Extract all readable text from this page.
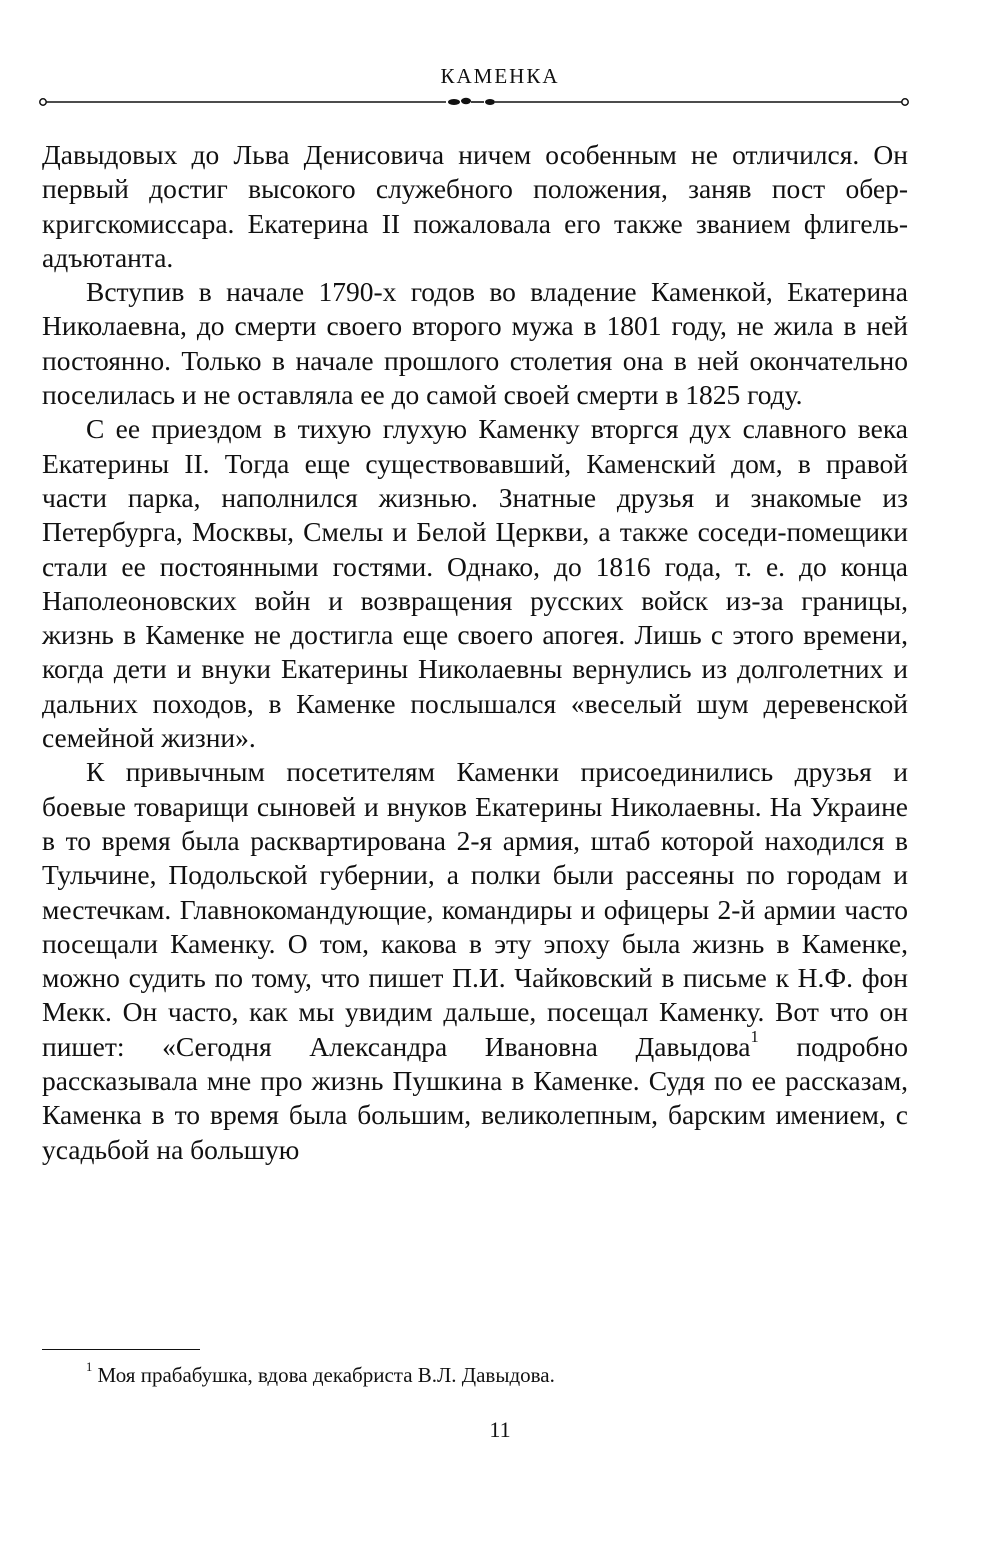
КАМЕНКА

Давыдовых до Льва Денисовича ничем особенным не отличился. Он первый достиг высокого служебного положения, заняв пост обер-кригскомиссара. Екатерина II пожаловала его также званием флигель-адъютанта.

Вступив в начале 1790-х годов во владение Каменкой, Екатерина Николаевна, до смерти своего второго мужа в 1801 году, не жила в ней постоянно. Только в начале прошлого столетия она в ней окончательно поселилась и не оставляла ее до самой своей смерти в 1825 году.

С ее приездом в тихую глухую Каменку вторгся дух славного века Екатерины II. Тогда еще существовавший, Каменский дом, в правой части парка, наполнился жизнью. Знатные друзья и знакомые из Петербурга, Москвы, Смелы и Белой Церкви, а также соседи-помещики стали ее постоянными гостями. Однако, до 1816 года, т. е. до конца Наполеоновских войн и возвращения русских войск из-за границы, жизнь в Каменке не достигла еще своего апогея. Лишь с этого времени, когда дети и внуки Екатерины Николаевны вернулись из долголетних и дальних походов, в Каменке послышался «веселый шум деревенской семейной жизни».

К привычным посетителям Каменки присоединились друзья и боевые товарищи сыновей и внуков Екатерины Николаевны. На Украине в то время была расквартирована 2-я армия, штаб которой находился в Тульчине, Подольской губернии, а полки были рассеяны по городам и местечкам. Главнокомандующие, командиры и офицеры 2-й армии часто посещали Каменку. О том, какова в эту эпоху была жизнь в Каменке, можно судить по тому, что пишет П.И. Чайковский в письме к Н.Ф. фон Мекк. Он часто, как мы увидим дальше, посещал Каменку. Вот что он пишет: «Сегодня Александра Ивановна Давыдова$^1$ подробно рассказывала мне про жизнь Пушкина в Каменке. Судя по ее рассказам, Каменка в то время была большим, великолепным, барским имением, с усадьбой на большую

$^1$ Моя прабабушка, вдова декабриста В.Л. Давыдова.
11
